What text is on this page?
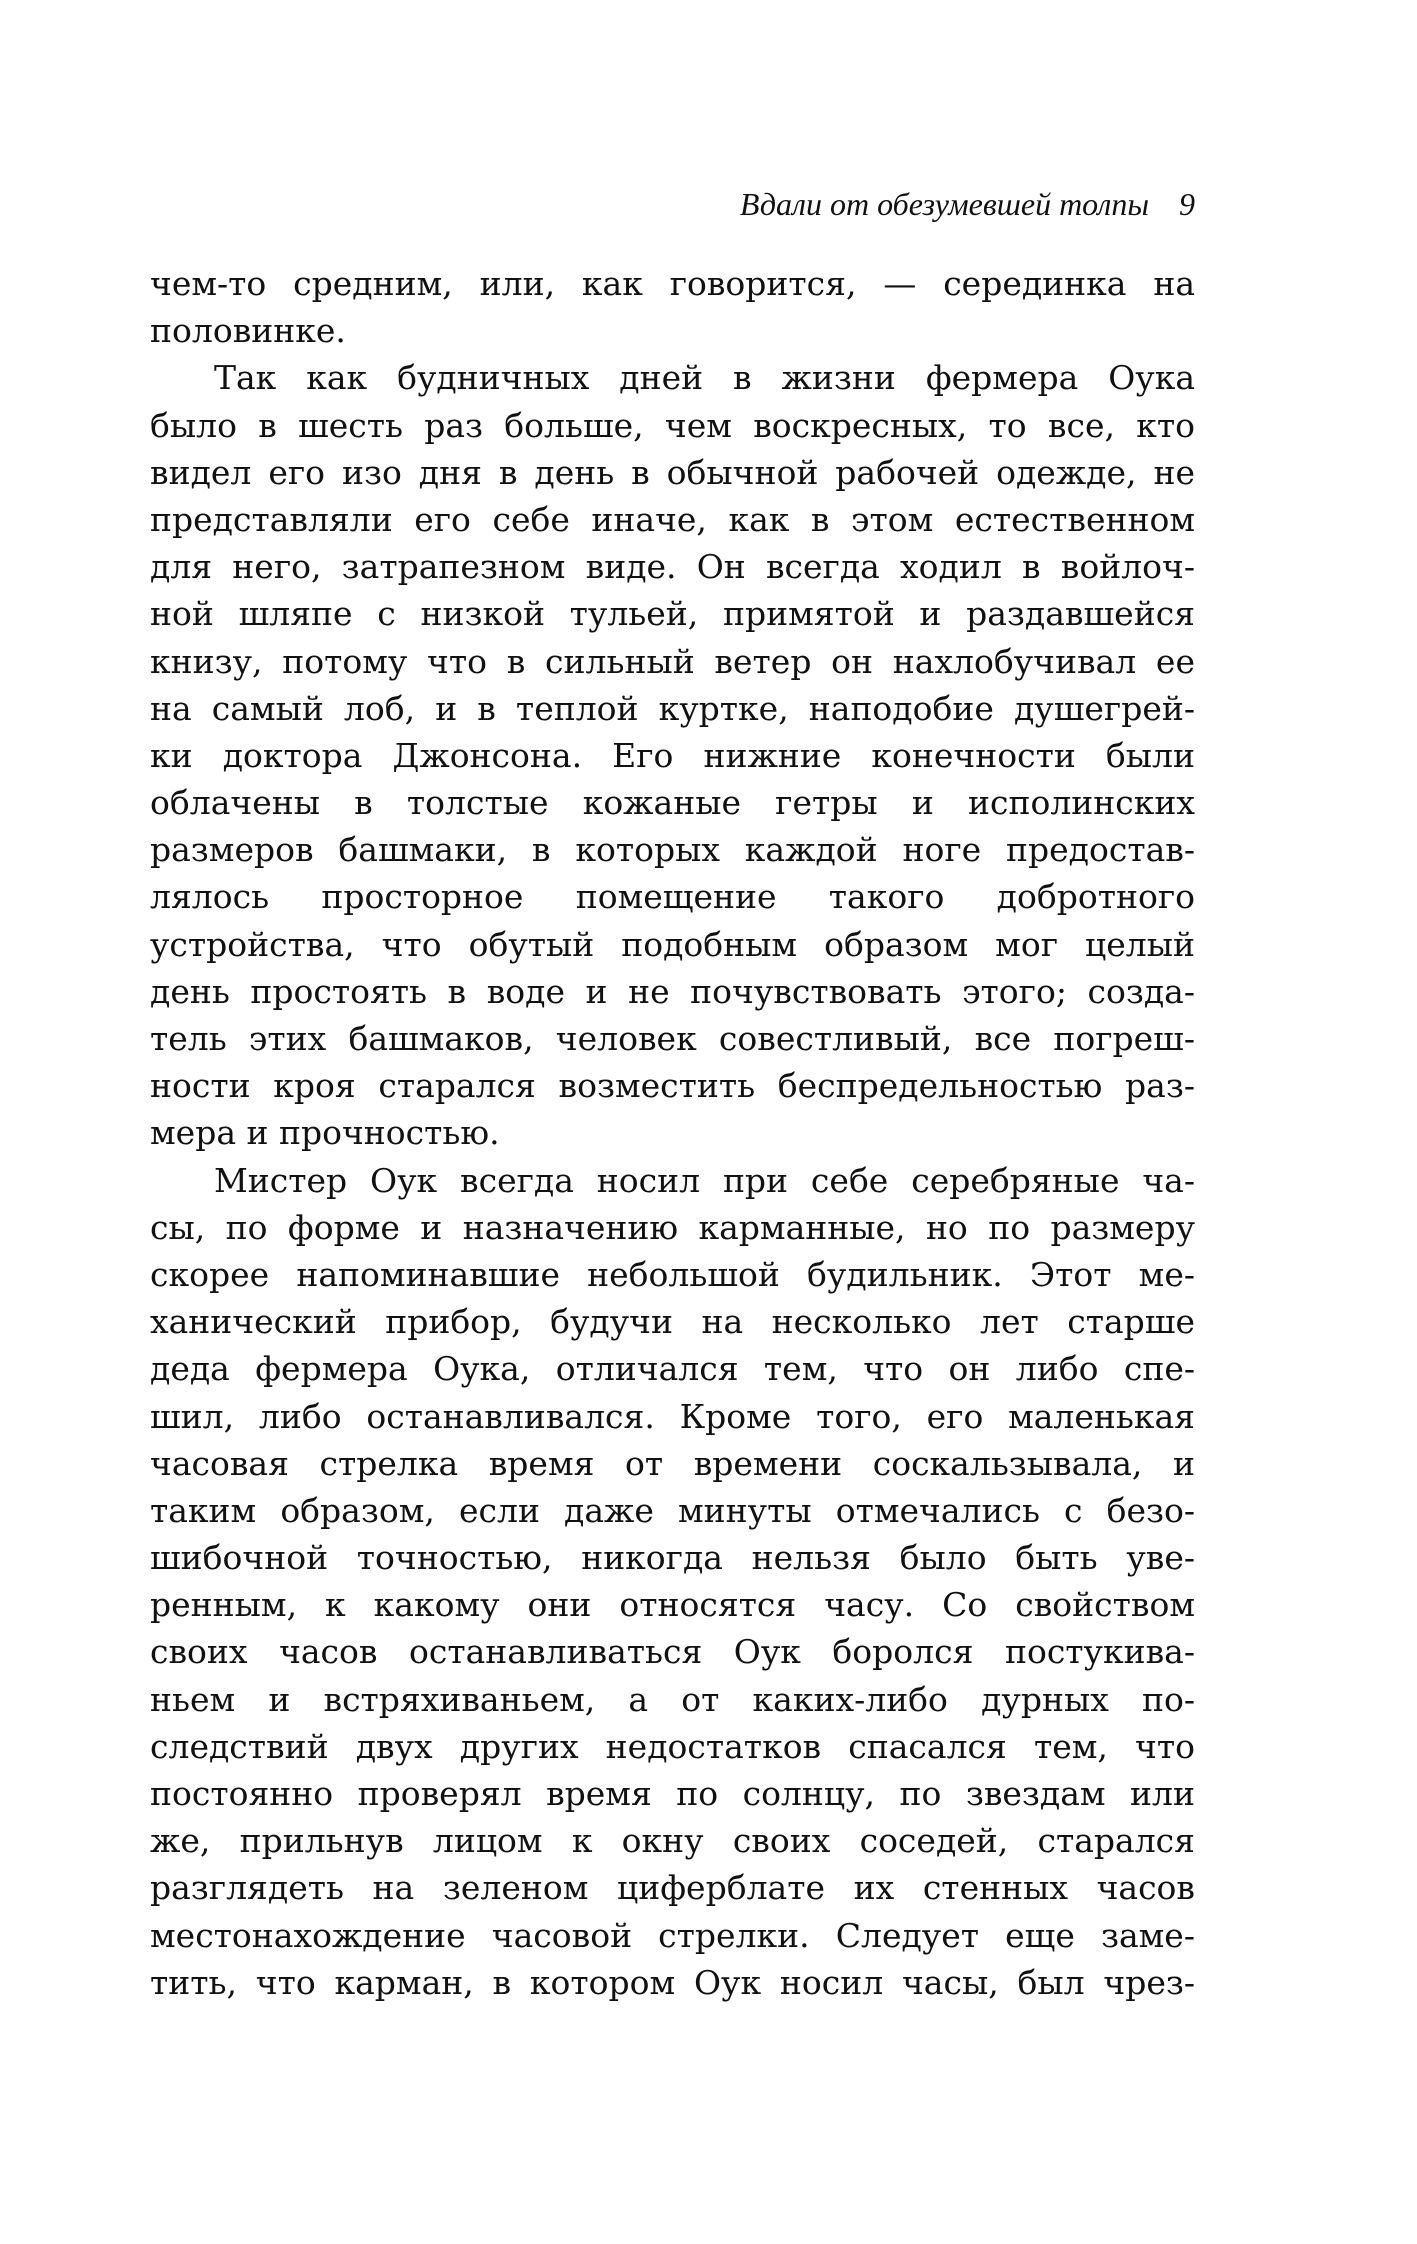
Вдали от обезумевшей толпы 9
чем-то средним, или, как говорится, — серединка на
половинке.
Так как будничных дней в жизни фермера Оука
было в шесть раз больше, чем воскресных, то все, кто
видел его изо дня в день в обычной рабочей одежде, не
представляли его себе иначе, как в этом естественном
для него, затрапезном виде. Он всегда ходил в войлоч-
ной шляпе с низкой тульей, примятой и раздавшейся
книзу, потому что в сильный ветер он нахлобучивал ее
на самый лоб, и в теплой куртке, наподобие душегрей-
ки доктора Джонсона. Его нижние конечности были
облачены в толстые кожаные гетры и исполинских
размеров башмаки, в которых каждой ноге предостав-
лялось просторное помещение такого добротного
устройства, что обутый подобным образом мог целый
день простоять в воде и не почувствовать этого; созда-
тель этих башмаков, человек совестливый, все погреш-
ности кроя старался возместить беспредельностью раз-
мера и прочностью.
Мистер Оук всегда носил при себе серебряные ча-
сы, по форме и назначению карманные, но по размеру
скорее напоминавшие небольшой будильник. Этот ме-
ханический прибор, будучи на несколько лет старше
деда фермера Оука, отличался тем, что он либо спе-
шил, либо останавливался. Кроме того, его маленькая
часовая стрелка время от времени соскальзывала, и
таким образом, если даже минуты отмечались с безо-
шибочной точностью, никогда нельзя было быть уве-
ренным, к какому они относятся часу. Со свойством
своих часов останавливаться Оук боролся постукива-
ньем и встряхиваньем, а от каких-либо дурных по-
следствий двух других недостатков спасался тем, что
постоянно проверял время по солнцу, по звездам или
же, прильнув лицом к окну своих соседей, старался
разглядеть на зеленом циферблате их стенных часов
местонахождение часовой стрелки. Следует еще заме-
тить, что карман, в котором Оук носил часы, был чрез-
